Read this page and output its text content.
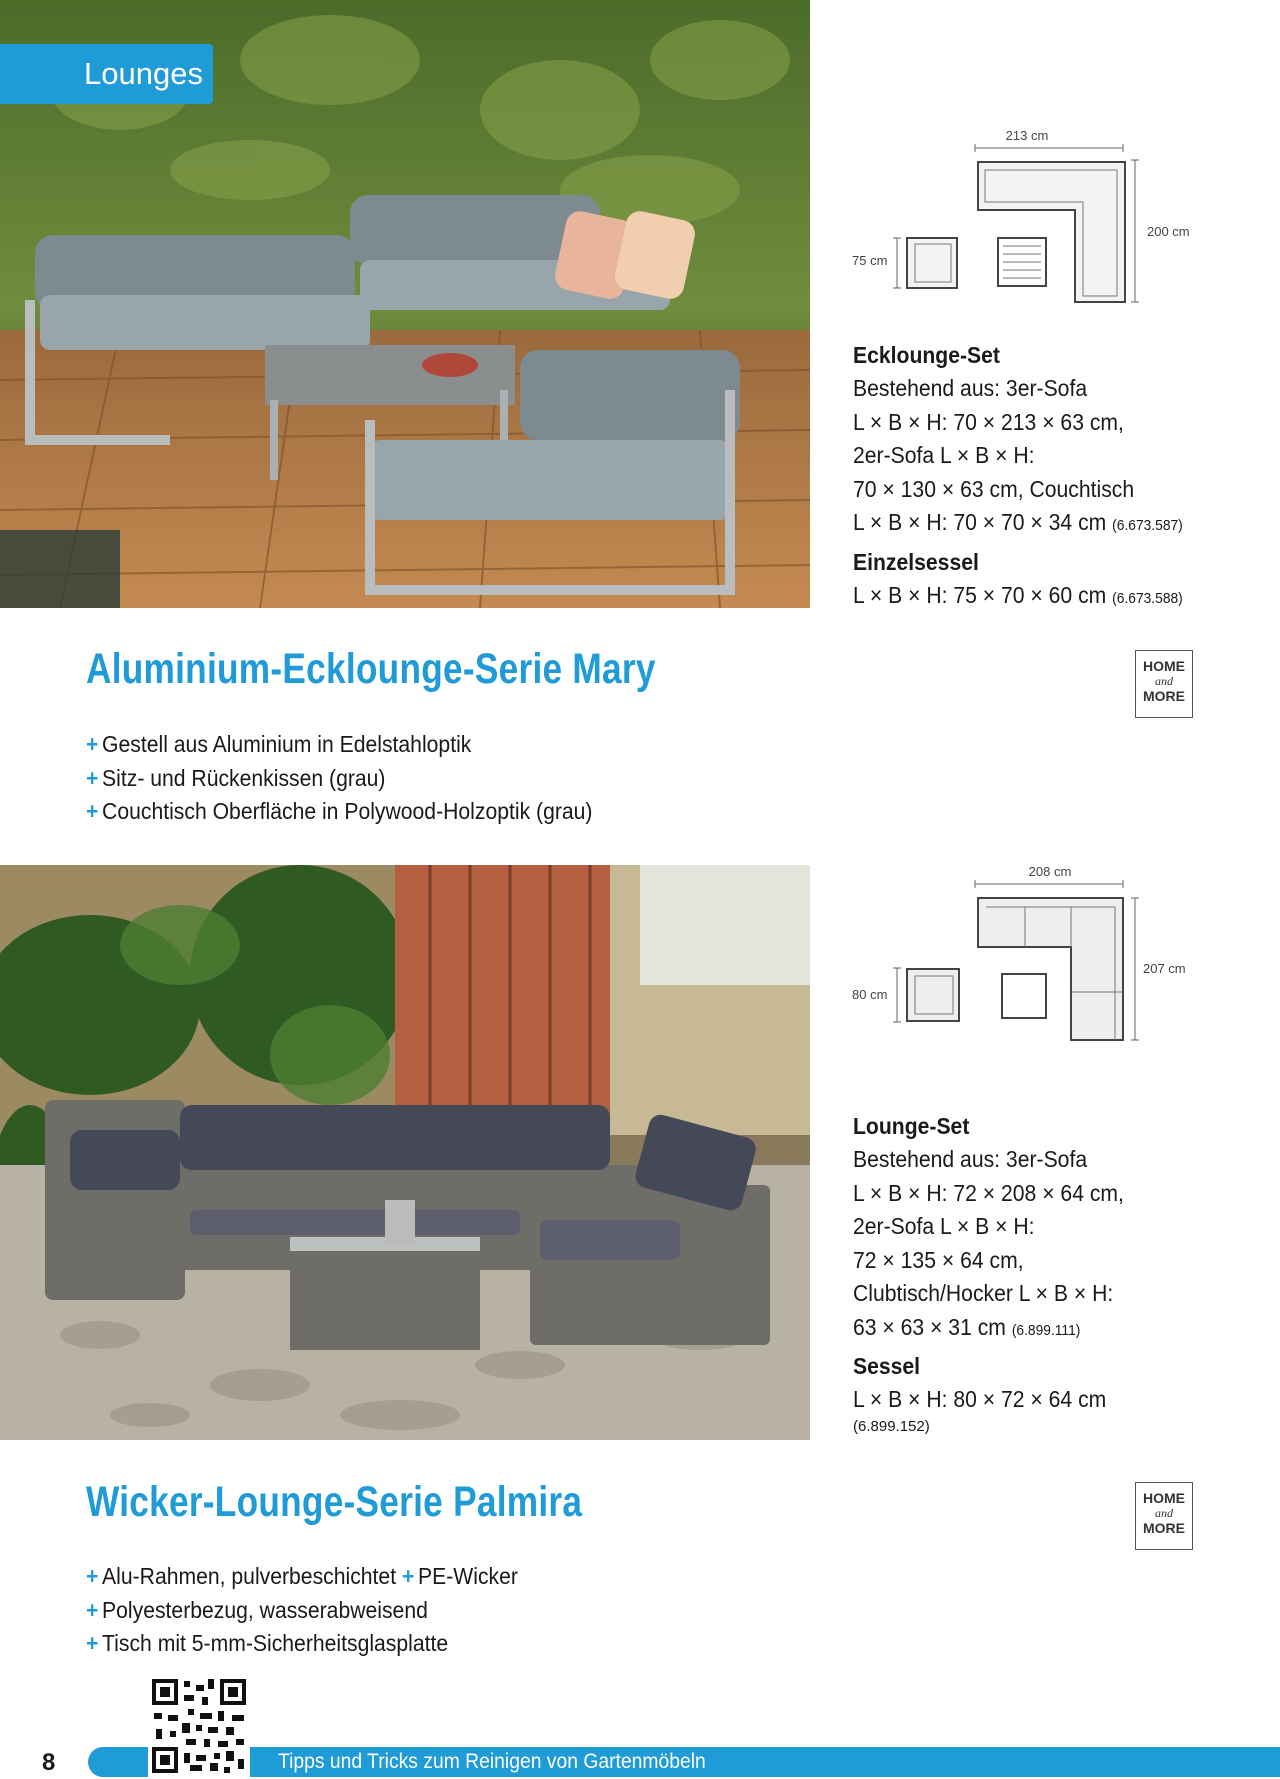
Lounges
213 cm
200 cm
75 cm
Ecklounge-Set
Bestehend aus: 3er-Sofa
L × B × H: 70 × 213 × 63 cm,
2er-Sofa L × B × H:
70 × 130 × 63 cm, Couchtisch
L × B × H: 70 × 70 × 34 cm (6.673.587)
Einzelsessel
L × B × H: 75 × 70 × 60 cm (6.673.588)
Aluminium-Ecklounge-Serie Mary
+ Gestell aus Aluminium in Edelstahloptik
+ Sitz- und Rückenkissen (grau)
+ Couchtisch Oberfläche in Polywood-Holzoptik (grau)
HOME
and
MORE
208 cm
207 cm
80 cm
Lounge-Set
Bestehend aus: 3er-Sofa
L × B × H: 72 × 208 × 64 cm,
2er-Sofa L × B × H:
72 × 135 × 64 cm,
Clubtisch/Hocker L × B × H:
63 × 63 × 31 cm (6.899.111)
Sessel
L × B × H: 80 × 72 × 64 cm
(6.899.152)
Wicker-Lounge-Serie Palmira
+ Alu-Rahmen, pulverbeschichtet + PE-Wicker
+ Polyesterbezug, wasserabweisend
+ Tisch mit 5-mm-Sicherheitsglasplatte
HOME
and
MORE
Tipps und Tricks zum Reinigen von Gartenmöbeln
8
